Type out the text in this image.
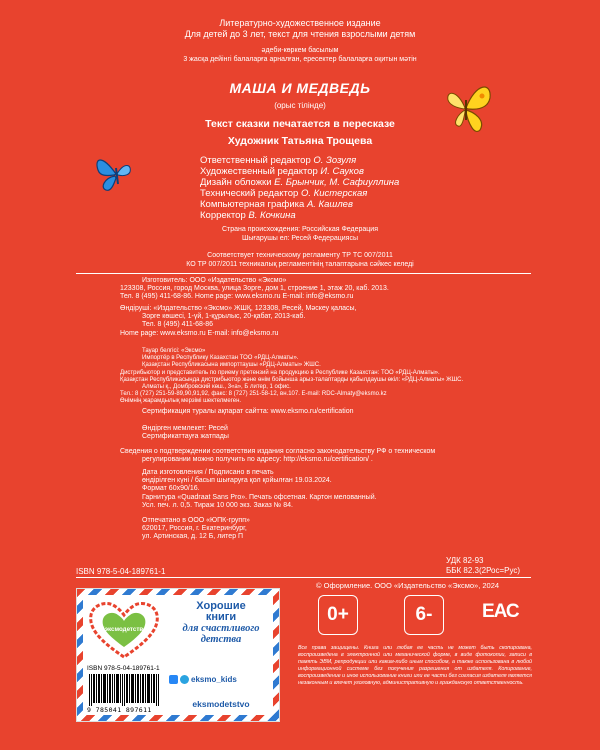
Литературно-художественное издание
Для детей до 3 лет, текст для чтения взрослыми детям
әдеби-көркем басылым
3 жасқа дейінгі балаларға арналған, ересектер балаларға оқитын мәтін
МАША И МЕДВЕДЬ
(орыс тілінде)
Текст сказки печатается в пересказе
Художник Татьяна Трощева
Ответственный редактор О. Зозуля
Художественный редактор И. Сауков
Дизайн обложки Е. Брынчик, М. Сафиуллина
Технический редактор О. Кистерская
Компьютерная графика А. Кашлев
Корректор В. Кочкина
Страна происхождения: Российская Федерация
Шығарушы ел: Ресей Федерациясы
Соответствует техническому регламенту ТР ТС 007/2011
КО ТР 007/2011 техникалық регламентінің талаптарына сәйкес келеді
Изготовитель: ООО «Издательство «Эксмо»
123308, Россия, город Москва, улица Зорге, дом 1, строение 1, этаж 20, каб. 2013.
Тел. 8 (495) 411-68-86. Home page: www.eksmo.ru E-mail: info@eksmo.ru
Өндіруші: «Издательство «Эксмо» ЖШҚ, 123308, Ресей, Мәскеу қаласы,
Зорге көшесі, 1-үй, 1-құрылыс, 20-қабат, 2013-каб.
Тел. 8 (495) 411-68-86
Home page: www.eksmo.ru E-mail: info@eksmo.ru
Тауар белгісі: «Эксмо»
Импортёр в Республику Казахстан ТОО «РДЦ-Алматы».
Қазақстан Республикасына импорттаушы «РДЦ-Алматы» ЖШС.
Дистрибьютор и представитель по приему претензий на продукцию в Республике Казахстан: ТОО «РДЦ-Алматы».
Қазақстан Республикасында дистрибьютор және өнім бойынша арыз-талаптарды қабылдаушы өкіл: «РДЦ-Алматы» ЖШС.
Алматы қ., Домбровский көш., 3«а», Б литер, 1 офис.
Тел.: 8 (727) 251-59-89,90,91,92, факс: 8 (727) 251-58-12, вн.107. E-mail: RDC-Almaty@eksmo.kz
Өнімнің жарамдылық мерзімі шектелмеген.
Сертификация туралы ақпарат сайтта: www.eksmo.ru/certification
Өндірген мемлекет: Ресей
Сертификаттауға жатпады
Сведения о подтверждении соответствия издания согласно законодательству РФ о техническом
регулировании можно получить по адресу: http://eksmo.ru/certification/ .
Дата изготовления / Подписано в печать
өндірілген күні / басып шығаруға қол қойылған 19.03.2024.
Формат 60х90/16.
Гарнитура «Quadraat Sans Pro». Печать офсетная. Картон мелованный.
Усл. печ. л. 0,5. Тираж 10 000 экз. Заказ № 84.
Отпечатано в ООО «ЮПК-групп»
620017, Россия, г. Екатеринбург,
ул. Артинская, д. 12 Б, литер П
ISBN 978-5-04-189761-1
УДК 82-93
ББК 82.3(2Рос=Рус)
© Оформление. ООО «Издательство «Эксмо», 2024
#эксмодетство
ISBN 978-5-04-189761-1
9 785041 897611
Хорошие
книги
для счастливого
детства
eksmo_kids
eksmodetstvo
0+	6-	ЕАС
Все права защищены. Книга или любая ее часть не может быть скопирована, воспроизведена в электронной или механической форме, в виде фотокопии, записи в память ЭВМ, репродукции или каким-либо иным способом, а также использована в любой информационной системе без получения разрешения от издателя. Копирование, воспроизведение и иное использование книги или ее части без согласия издателя является незаконным и влечет уголовную, административную и гражданскую ответственность.
